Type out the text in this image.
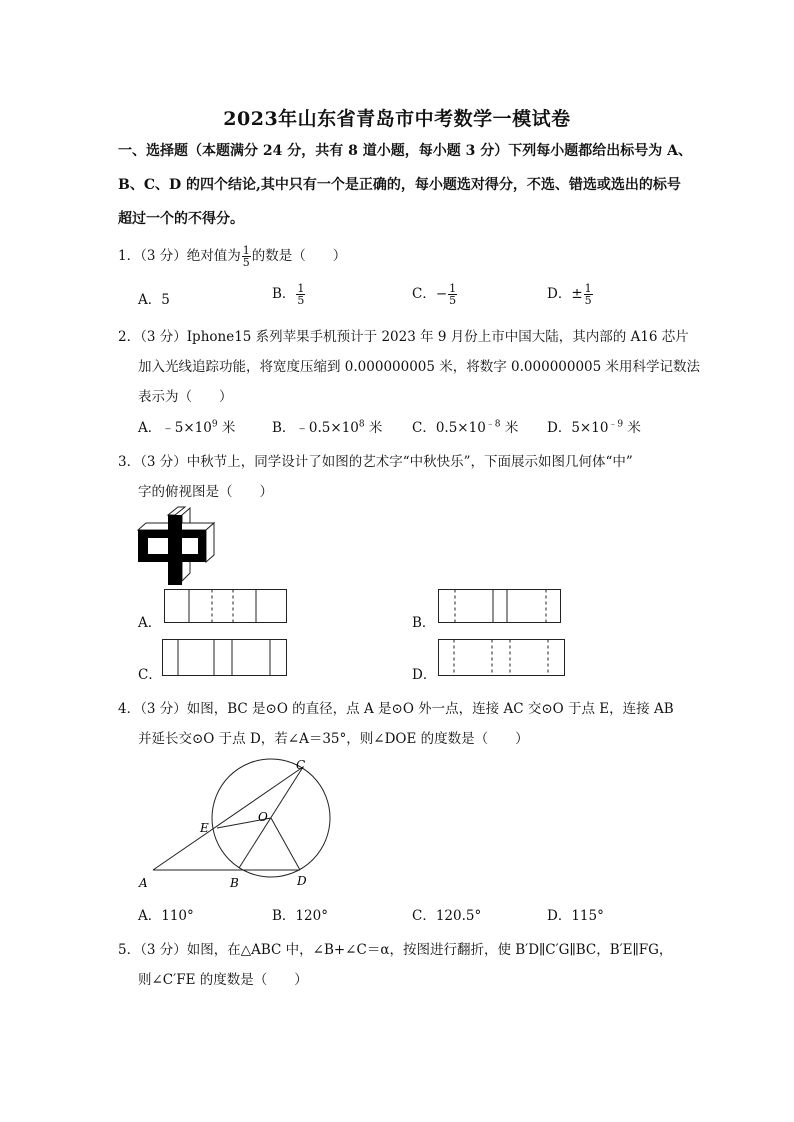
2023年山东省青岛市中考数学一模试卷
一、选择题（本题满分 24 分，共有 8 道小题，每小题 3 分）下列每小题都给出标号为 A、
B、C、D 的四个结论,其中只有一个是正确的，每小题选对得分，不选、错选或选出的标号
超过一个的不得分。
1．（3 分）绝对值为 $\frac{1}{5}$ 的数是（　　）
A．5	B． $\frac{1}{5}$	C．− $\frac{1}{5}$	D．± $\frac{1}{5}$
2．（3 分）Iphone15 系列苹果手机预计于 2023 年 9 月份上市中国大陆，其内部的 A16 芯片
加入光线追踪功能，将宽度压缩到 0.000000005 米，将数字 0.000000005 米用科学记数法
表示为（　　）
A．$﹣5\times 10^9$ 米	B．$﹣0.5\times 10^8$ 米 C．$0.5\times 10^{﹣8}$ 米 D．$5\times 10^{﹣9}$ 米
3．（3 分）中秋节上，同学设计了如图的艺术字“中秋快乐”，下面展示如图几何体“中”
字的俯视图是（　　）
A．	B．
C．	D．
4．（3 分）如图，BC 是⊙O 的直径，点 A 是⊙O 外一点，连接 AC 交⊙O 于点 E，连接 AB
并延长交⊙O 于点 D，若∠A＝35°，则∠DOE 的度数是（　　）
C
E
O
A	B	D
A．110°	B．120°	C．120.5°	D．115°
5．（3 分）如图，在△ABC 中，∠B+∠C＝α，按图进行翻折，使 B′D∥C′G∥BC，B′E∥FG，
则∠C′FE 的度数是（　　）
